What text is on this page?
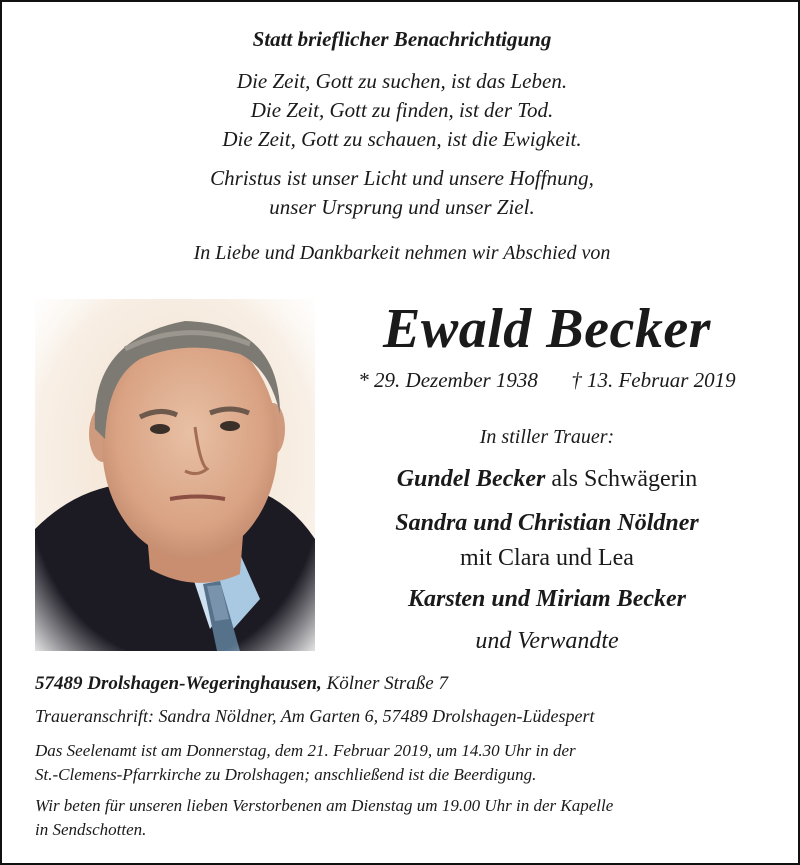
Statt brieflicher Benachrichtigung

Die Zeit, Gott zu suchen, ist das Leben.
Die Zeit, Gott zu finden, ist der Tod.
Die Zeit, Gott zu schauen, ist die Ewigkeit.

Christus ist unser Licht und unsere Hoffnung,
unser Ursprung und unser Ziel.

In Liebe und Dankbarkeit nehmen wir Abschied von

Ewald Becker

* 29. Dezember 1938 † 13. Februar 2019

In stiller Trauer:

Gundel Becker als Schwägerin

Sandra und Christian Nöldner

mit Clara und Lea

Karsten und Miriam Becker

und Verwandte

57489 Drolshagen-Wegeringhausen, Kölner Straße 7

Traueranschrift: Sandra Nöldner, Am Garten 6, 57489 Drolshagen-Lüdespert

Das Seelenamt ist am Donnerstag, dem 21. Februar 2019, um 14.30 Uhr in der
St.-Clemens-Pfarrkirche zu Drolshagen; anschließend ist die Beerdigung.

Wir beten für unseren lieben Verstorbenen am Dienstag um 19.00 Uhr in der Kapelle
in Sendschotten.
